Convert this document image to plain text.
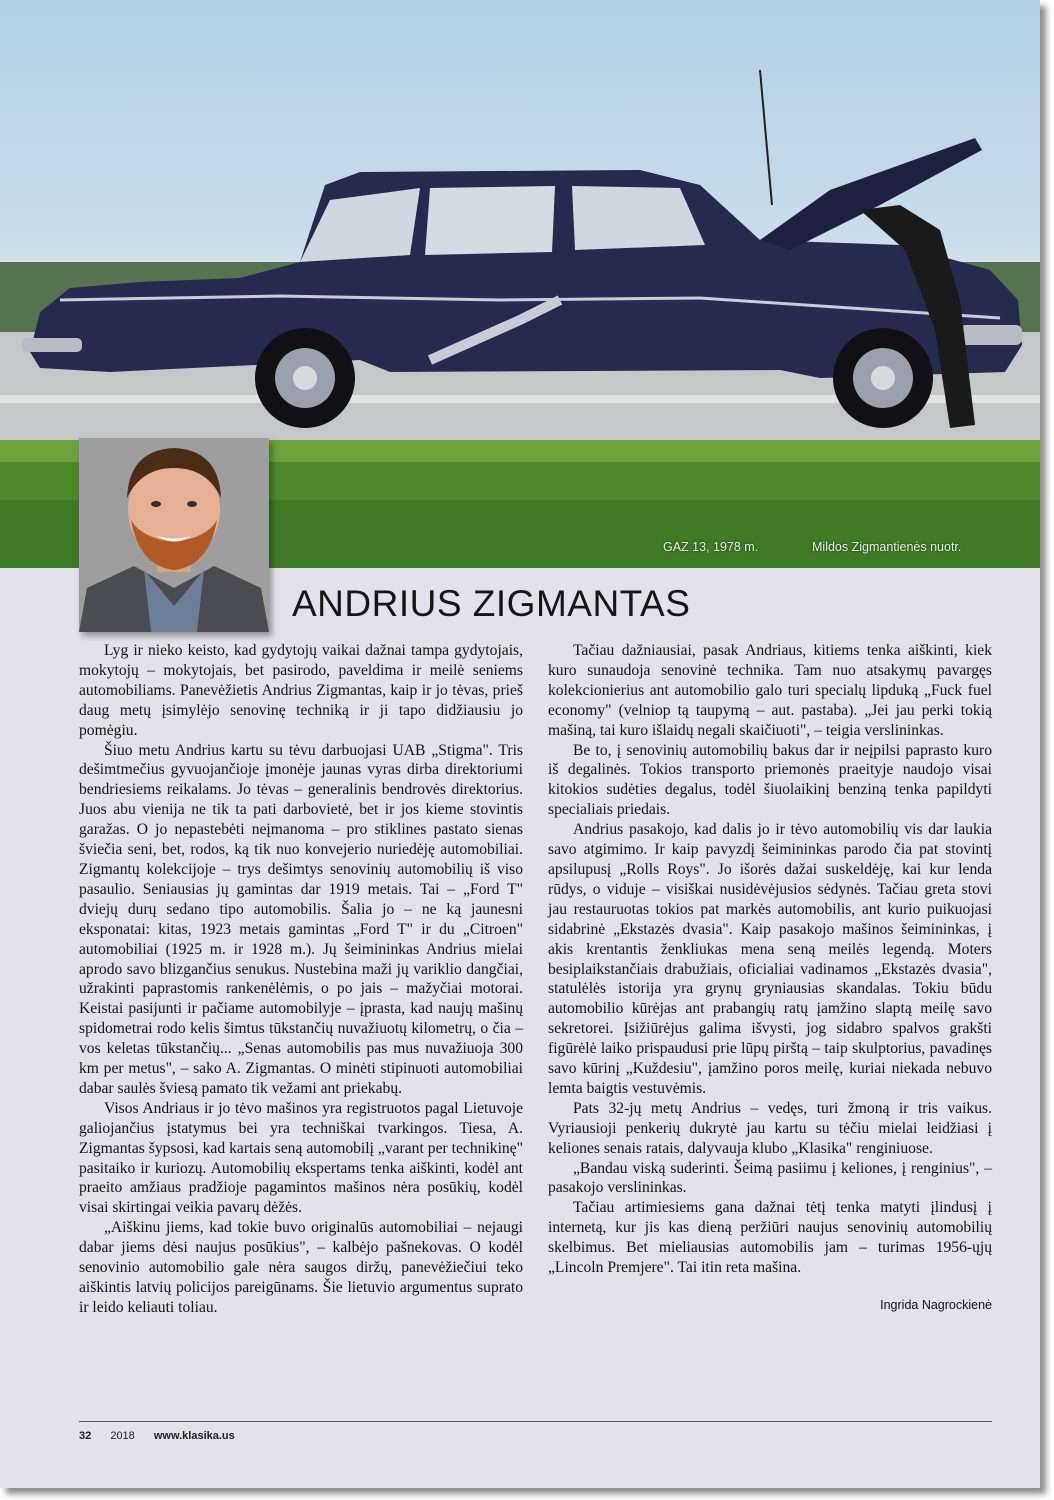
GAZ 13, 1978 m.	Mildos Zigmantienės nuotr.
ANDRIUS ZIGMANTAS

Lyg ir nieko keisto, kad gydytojų vaikai dažnai tampa gydytojais, mokytojų – mokytojais, bet pasirodo, paveldima ir meilė seniems automobiliams. Panevėžietis Andrius Zigmantas, kaip ir jo tėvas, prieš daug metų įsimylėjo senovinę techniką ir ji tapo didžiausiu jo pomėgiu.

Šiuo metu Andrius kartu su tėvu darbuojasi UAB „Stigma". Tris dešimtmečius gyvuojančioje įmonėje jaunas vyras dirba direktoriumi bendriesiems reikalams. Jo tėvas – generalinis bendrovės direktorius. Juos abu vienija ne tik ta pati darbovietė, bet ir jos kieme stovintis garažas. O jo nepastebėti neįmanoma – pro stiklines pastato sienas šviečia seni, bet, rodos, ką tik nuo konvejerio nuriedėję automobiliai. Zigmantų kolekcijoje – trys dešimtys senovinių automobilių iš viso pasaulio. Seniausias jų gamintas dar 1919 metais. Tai – „Ford T" dviejų durų sedano tipo automobilis. Šalia jo – ne ką jaunesni eksponatai: kitas, 1923 metais gamintas „Ford T" ir du „Citroen" automobiliai (1925 m. ir 1928 m.). Jų šeimininkas Andrius mielai aprodo savo blizgančius senukus. Nustebina maži jų variklio dangčiai, užrakinti paprastomis rankenėlėmis, o po jais – mažyčiai motorai. Keistai pasijunti ir pačiame automobilyje – įprasta, kad naujų mašinų spidometrai rodo kelis šimtus tūkstančių nuvažiuotų kilometrų, o čia – vos keletas tūkstančių... „Senas automobilis pas mus nuvažiuoja 300 km per metus", – sako A. Zigmantas. O minėti stipinuoti automobiliai dabar saulės šviesą pamato tik vežami ant priekabų.

Visos Andriaus ir jo tėvo mašinos yra registruotos pagal Lietuvoje galiojančius įstatymus bei yra techniškai tvarkingos. Tiesa, A. Zigmantas šypsosi, kad kartais seną automobilį „varant per technikinę" pasitaiko ir kuriozų. Automobilių ekspertams tenka aiškinti, kodėl ant praeito amžiaus pradžioje pagamintos mašinos nėra posūkių, kodėl visai skirtingai veikia pavarų dėžės.

„Aiškinu jiems, kad tokie buvo originalūs automobiliai – nejaugi dabar jiems dėsi naujus posūkius", – kalbėjo pašnekovas. O kodėl senovinio automobilio gale nėra saugos diržų, panevėžiečiui teko aiškintis latvių policijos pareigūnams. Šie lietuvio argumentus suprato ir leido keliauti toliau.

Tačiau dažniausiai, pasak Andriaus, kitiems tenka aiškinti, kiek kuro sunaudoja senovinė technika. Tam nuo atsakymų pavargęs kolekcionierius ant automobilio galo turi specialų lipduką „Fuck fuel economy" (velniop tą taupymą – aut. pastaba). „Jei jau perki tokią mašiną, tai kuro išlaidų negali skaičiuoti", – teigia verslininkas.

Be to, į senovinių automobilių bakus dar ir neįpilsi paprasto kuro iš degalinės. Tokios transporto priemonės praeityje naudojo visai kitokios sudėties degalus, todėl šiuolaikinį benziną tenka papildyti specialiais priedais.

Andrius pasakojo, kad dalis jo ir tėvo automobilių vis dar laukia savo atgimimo. Ir kaip pavyzdį šeimininkas parodo čia pat stovintį apsilupusį „Rolls Roys". Jo išorės dažai suskeldėję, kai kur lenda rūdys, o viduje – visiškai nusidėvėjusios sėdynės. Tačiau greta stovi jau restauruotas tokios pat markės automobilis, ant kurio puikuojasi sidabrinė „Ekstazės dvasia". Kaip pasakojo mašinos šeimininkas, į akis krentantis ženkliukas mena seną meilės legendą. Moters besiplaikstančiais drabužiais, oficialiai vadinamos „Ekstazės dvasia", statulėlės istorija yra grynų gryniausias skandalas. Tokiu būdu automobilio kūrėjas ant prabangių ratų įamžino slaptą meilę savo sekretorei. Įsižiūrėjus galima išvysti, jog sidabro spalvos grakšti figūrėlė laiko prispaudusi prie lūpų pirštą – taip skulptorius, pavadinęs savo kūrinį „Kuždesiu", įamžino poros meilę, kuriai niekada nebuvo lemta baigtis vestuvėmis.

Pats 32-jų metų Andrius – vedęs, turi žmoną ir tris vaikus. Vyriausioji penkerių dukrytė jau kartu su tėčiu mielai leidžiasi į keliones senais ratais, dalyvauja klubo „Klasika" renginiuose.

„Bandau viską suderinti. Šeimą pasiimu į keliones, į renginius", – pasakojo verslininkas.

Tačiau artimiesiems gana dažnai tėtį tenka matyti įlindusį į internetą, kur jis kas dieną peržiūri naujus senovinių automobilių skelbimus. Bet mieliausias automobilis jam – turimas 1956-ųjų „Lincoln Premjere". Tai itin reta mašina.

Ingrida Nagrockienė
32 2018 www.klasika.us
